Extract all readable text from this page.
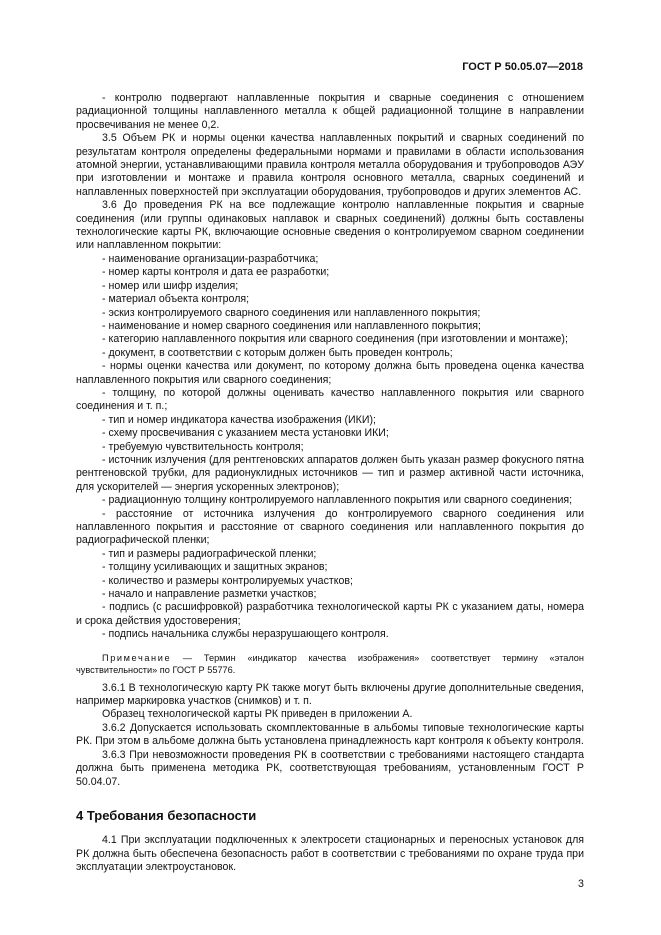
ГОСТ Р 50.05.07—2018

- контролю подвергают наплавленные покрытия и сварные соединения с отношением радиационной толщины наплавленного металла к общей радиационной толщине в направлении просвечивания не менее 0,2.

3.5 Объем РК и нормы оценки качества наплавленных покрытий и сварных соединений по результатам контроля определены федеральными нормами и правилами в области использования атомной энергии, устанавливающими правила контроля металла оборудования и трубопроводов АЭУ при изготовлении и монтаже и правила контроля основного металла, сварных соединений и наплавленных поверхностей при эксплуатации оборудования, трубопроводов и других элементов АС.

3.6 До проведения РК на все подлежащие контролю наплавленные покрытия и сварные соединения (или группы одинаковых наплавок и сварных соединений) должны быть составлены технологические карты РК, включающие основные сведения о контролируемом сварном соединении или наплавленном покрытии:

- наименование организации-разработчика;

- номер карты контроля и дата ее разработки;

- номер или шифр изделия;

- материал объекта контроля;

- эскиз контролируемого сварного соединения или наплавленного покрытия;

- наименование и номер сварного соединения или наплавленного покрытия;

- категорию наплавленного покрытия или сварного соединения (при изготовлении и монтаже);

- документ, в соответствии с которым должен быть проведен контроль;

- нормы оценки качества или документ, по которому должна быть проведена оценка качества наплавленного покрытия или сварного соединения;

- толщину, по которой должны оценивать качество наплавленного покрытия или сварного соединения и т. п.;

- тип и номер индикатора качества изображения (ИКИ);

- схему просвечивания с указанием места установки ИКИ;

- требуемую чувствительность контроля;

- источник излучения (для рентгеновских аппаратов должен быть указан размер фокусного пятна рентгеновской трубки, для радионуклидных источников — тип и размер активной части источника, для ускорителей — энергия ускоренных электронов);

- радиационную толщину контролируемого наплавленного покрытия или сварного соединения;

- расстояние от источника излучения до контролируемого сварного соединения или наплавленного покрытия и расстояние от сварного соединения или наплавленного покрытия до радиографической пленки;

- тип и размеры радиографической пленки;

- толщину усиливающих и защитных экранов;

- количество и размеры контролируемых участков;

- начало и направление разметки участков;

- подпись (с расшифровкой) разработчика технологической карты РК с указанием даты, номера и срока действия удостоверения;

- подпись начальника службы неразрушающего контроля.

Примечание — Термин «индикатор качества изображения» соответствует термину «эталон чувствительности» по ГОСТ Р 55776.

3.6.1 В технологическую карту РК также могут быть включены другие дополнительные сведения, например маркировка участков (снимков) и т. п.

Образец технологической карты РК приведен в приложении А.

3.6.2 Допускается использовать скомплектованные в альбомы типовые технологические карты РК. При этом в альбоме должна быть установлена принадлежность карт контроля к объекту контроля.

3.6.3 При невозможности проведения РК в соответствии с требованиями настоящего стандарта должна быть применена методика РК, соответствующая требованиям, установленным ГОСТ Р 50.04.07.

4 Требования безопасности

4.1 При эксплуатации подключенных к электросети стационарных и переносных установок для РК должна быть обеспечена безопасность работ в соответствии с требованиями по охране труда при эксплуатации электроустановок.

3
